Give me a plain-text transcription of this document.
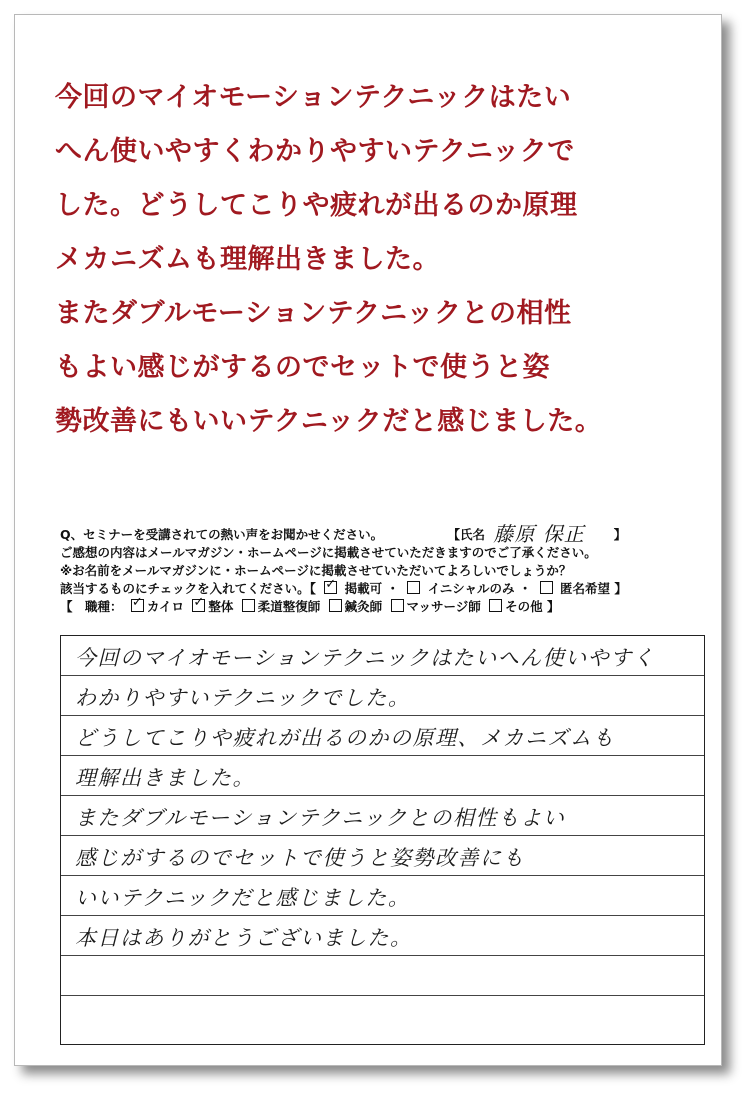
今回のマイオモーションテクニックはたい

へん使いやすくわかりやすいテクニックで

した。どうしてこりや疲れが出るのか原理

メカニズムも理解出きました。

またダブルモーションテクニックとの相性

もよい感じがするのでセットで使うと姿

勢改善にもいいテクニックだと感じました。

Q、セミナーを受講されての熱い声をお聞かせください。	【氏名 藤原 保正 】
ご感想の内容はメールマガジン・ホームページに掲載させていただきますのでご了承ください。
※お名前をメールマガジンに・ホームページに掲載させていただいてよろしいでしょうか？
該当するものにチェックを入れてください。【 ✓ 掲載可 ・  イニシャルのみ ・  匿名希望 】
【　職種： ✓ カイロ ✓ 整体 柔道整復師 鍼灸師 マッサージ師 その他 】
今回のマイオモーションテクニックはたいへん使いやすく
わかりやすいテクニックでした。
どうしてこりや疲れが出るのかの原理、メカニズムも
理解出きました。
またダブルモーションテクニックとの相性もよい
感じがするのでセットで使うと姿勢改善にも
いいテクニックだと感じました。
本日はありがとうございました。
